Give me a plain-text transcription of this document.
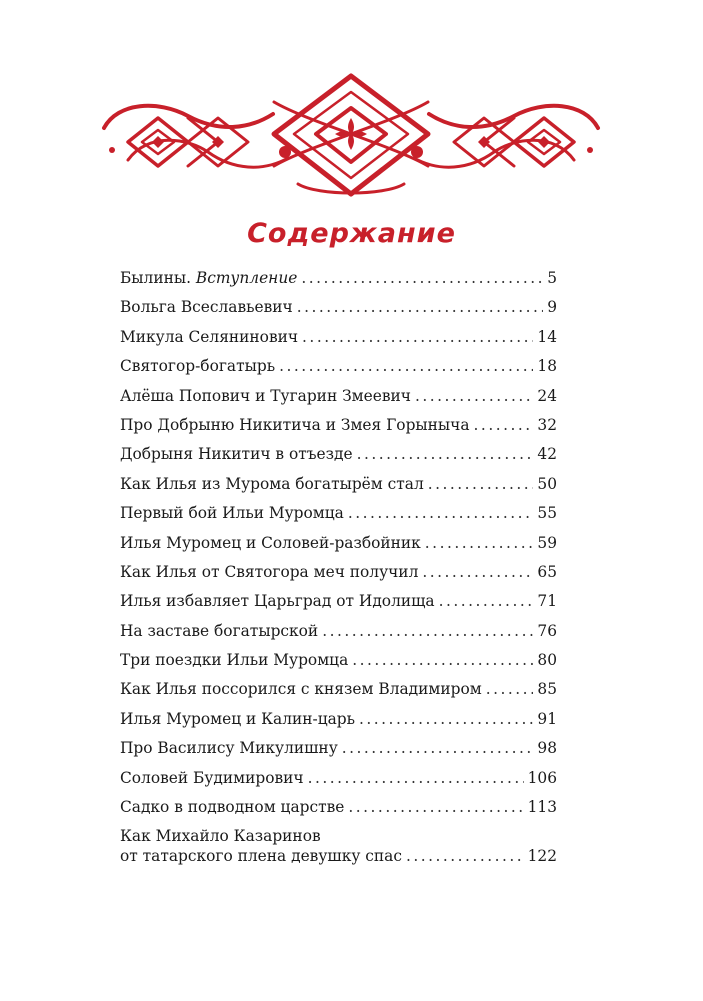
Содержание
Былины. Вступление . . .	5
Вольга Всеславьевич . . .	9
Микула Селянинович . . .	14
Святогор-богатырь . . .	18
Алёша Попович и Тугарин Змеевич . . .	24
Про Добрыню Никитича и Змея Горыныча . . .	32
Добрыня Никитич в отъезде . . .	42
Как Илья из Мурома богатырём стал . . .	50
Первый бой Ильи Муромца . . .	55
Илья Муромец и Соловей-разбойник . . .	59
Как Илья от Святогора меч получил . . .	65
Илья избавляет Царьград от Идолища . . .	71
На заставе богатырской . . .	76
Три поездки Ильи Муромца . . .	80
Как Илья поссорился с князем Владимиром . . .	85
Илья Муромец и Калин-царь . . .	91
Про Василису Микулишну . . .	98
Соловей Будимирович . . .	106
Садко в подводном царстве . . .	113
Как Михайло Казаринов
от татарского плена девушку спас . . .	122
